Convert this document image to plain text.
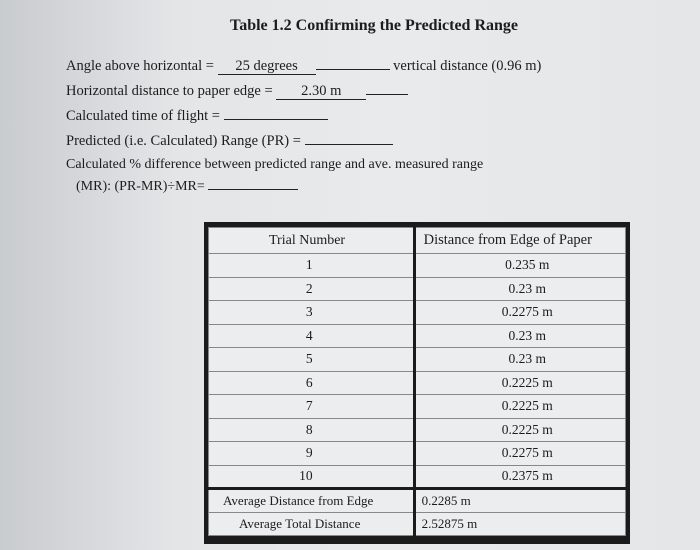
Table 1.2 Confirming the Predicted Range
Angle above horizontal = 25 degrees	vertical distance (0.96 m)
Horizontal distance to paper edge = 2.30 m
Calculated time of flight =
Predicted (i.e. Calculated) Range (PR) =
Calculated % difference between predicted range and ave. measured range
(MR): (PR-MR)÷MR=
Trial Number	Distance from Edge of Paper
1	0.235 m
2	0.23 m
3	0.2275 m
4	0.23 m
5	0.23 m
6	0.2225 m
7	0.2225 m
8	0.2225 m
9	0.2275 m
10	0.2375 m
Average Distance from Edge	0.2285 m
Average Total Distance	2.52875 m
